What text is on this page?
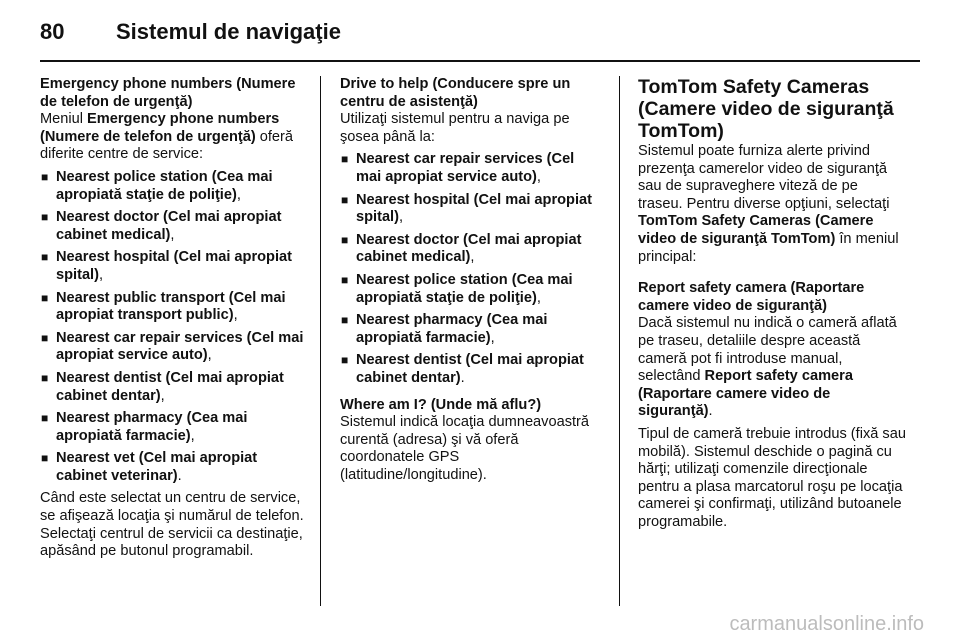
80	Sistemul de navigaţie

Emergency phone numbers (Numere de telefon de urgenţă)

Meniul Emergency phone numbers (Numere de telefon de urgenţă) oferă diferite centre de service:

■ Nearest police station (Cea mai apropiată staţie de poliţie),
■ Nearest doctor (Cel mai apropiat cabinet medical),
■ Nearest hospital (Cel mai apropiat spital),
■ Nearest public transport (Cel mai apropiat transport public),
■ Nearest car repair services (Cel mai apropiat service auto),
■ Nearest dentist (Cel mai apropiat cabinet dentar),
■ Nearest pharmacy (Cea mai apropiată farmacie),
■ Nearest vet (Cel mai apropiat cabinet veterinar).

Când este selectat un centru de service, se afişează locaţia şi numărul de telefon. Selectaţi centrul de servicii ca destinaţie, apăsând pe butonul programabil.

Drive to help (Conducere spre un centru de asistenţă)

Utilizaţi sistemul pentru a naviga pe şosea până la:

■ Nearest car repair services (Cel mai apropiat service auto),
■ Nearest hospital (Cel mai apropiat spital),
■ Nearest doctor (Cel mai apropiat cabinet medical),
■ Nearest police station (Cea mai apropiată staţie de poliţie),
■ Nearest pharmacy (Cea mai apropiată farmacie),
■ Nearest dentist (Cel mai apropiat cabinet dentar).

Where am I? (Unde mă aflu?)

Sistemul indică locaţia dumneavoastră curentă (adresa) şi vă oferă coordonatele GPS (latitudine/longitudine).

TomTom Safety Cameras (Camere video de siguranţă TomTom)

Sistemul poate furniza alerte privind prezenţa camerelor video de siguranţă sau de supraveghere viteză de pe traseu. Pentru diverse opţiuni, selectaţi TomTom Safety Cameras (Camere video de siguranţă TomTom) în meniul principal:

Report safety camera (Raportare camere video de siguranţă)

Dacă sistemul nu indică o cameră aflată pe traseu, detaliile despre această cameră pot fi introduse manual, selectând Report safety camera (Raportare camere video de siguranţă).

Tipul de cameră trebuie introdus (fixă sau mobilă). Sistemul deschide o pagină cu hărţi; utilizaţi comenzile direcţionale pentru a plasa marcatorul roşu pe locaţia camerei şi confirmaţi, utilizând butoanele programabile.

carmanualsonline.info
